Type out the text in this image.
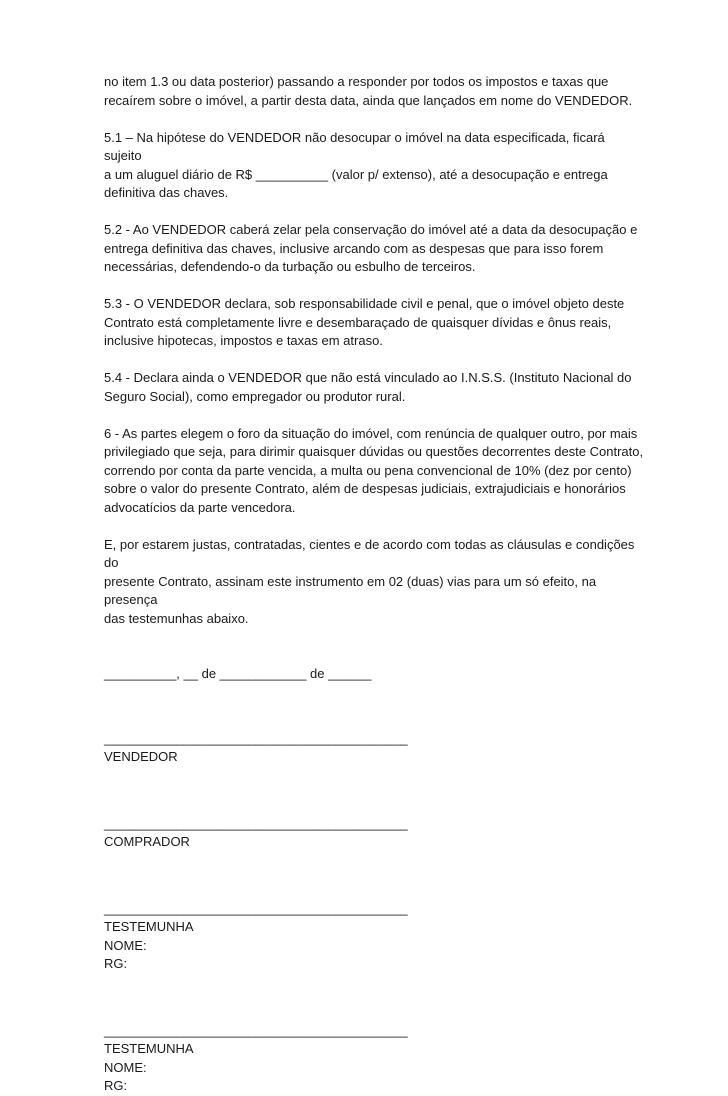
no item 1.3 ou data posterior) passando a responder por todos os impostos e taxas que
recaírem sobre o imóvel, a partir desta data, ainda que lançados em nome do VENDEDOR.

5.1 – Na hipótese do VENDEDOR não desocupar o imóvel na data especificada, ficará sujeito
a um aluguel diário de R$ __________ (valor p/ extenso), até a desocupação e entrega
definitiva das chaves.

5.2 - Ao VENDEDOR caberá zelar pela conservação do imóvel até a data da desocupação e
entrega definitiva das chaves, inclusive arcando com as despesas que para isso forem
necessárias, defendendo-o da turbação ou esbulho de terceiros.

5.3 - O VENDEDOR declara, sob responsabilidade civil e penal, que o imóvel objeto deste
Contrato está completamente livre e desembaraçado de quaisquer dívidas e ônus reais,
inclusive hipotecas, impostos e taxas em atraso.

5.4 - Declara ainda o VENDEDOR que não está vinculado ao I.N.S.S. (Instituto Nacional do
Seguro Social), como empregador ou produtor rural.

6 - As partes elegem o foro da situação do imóvel, com renúncia de qualquer outro, por mais
privilegiado que seja, para dirimir quaisquer dúvidas ou questões decorrentes deste Contrato,
correndo por conta da parte vencida, a multa ou pena convencional de 10% (dez por cento)
sobre o valor do presente Contrato, além de despesas judiciais, extrajudiciais e honorários
advocatícios da parte vencedora.

E, por estarem justas, contratadas, cientes e de acordo com todas as cláusulas e condições do
presente Contrato, assinam este instrumento em 02 (duas) vias para um só efeito, na presença
das testemunhas abaixo.

__________, __ de ____________ de ______

__________________________________________
VENDEDOR
__________________________________________
COMPRADOR
__________________________________________
TESTEMUNHA
NOME:
RG:
__________________________________________
TESTEMUNHA
NOME:
RG:
